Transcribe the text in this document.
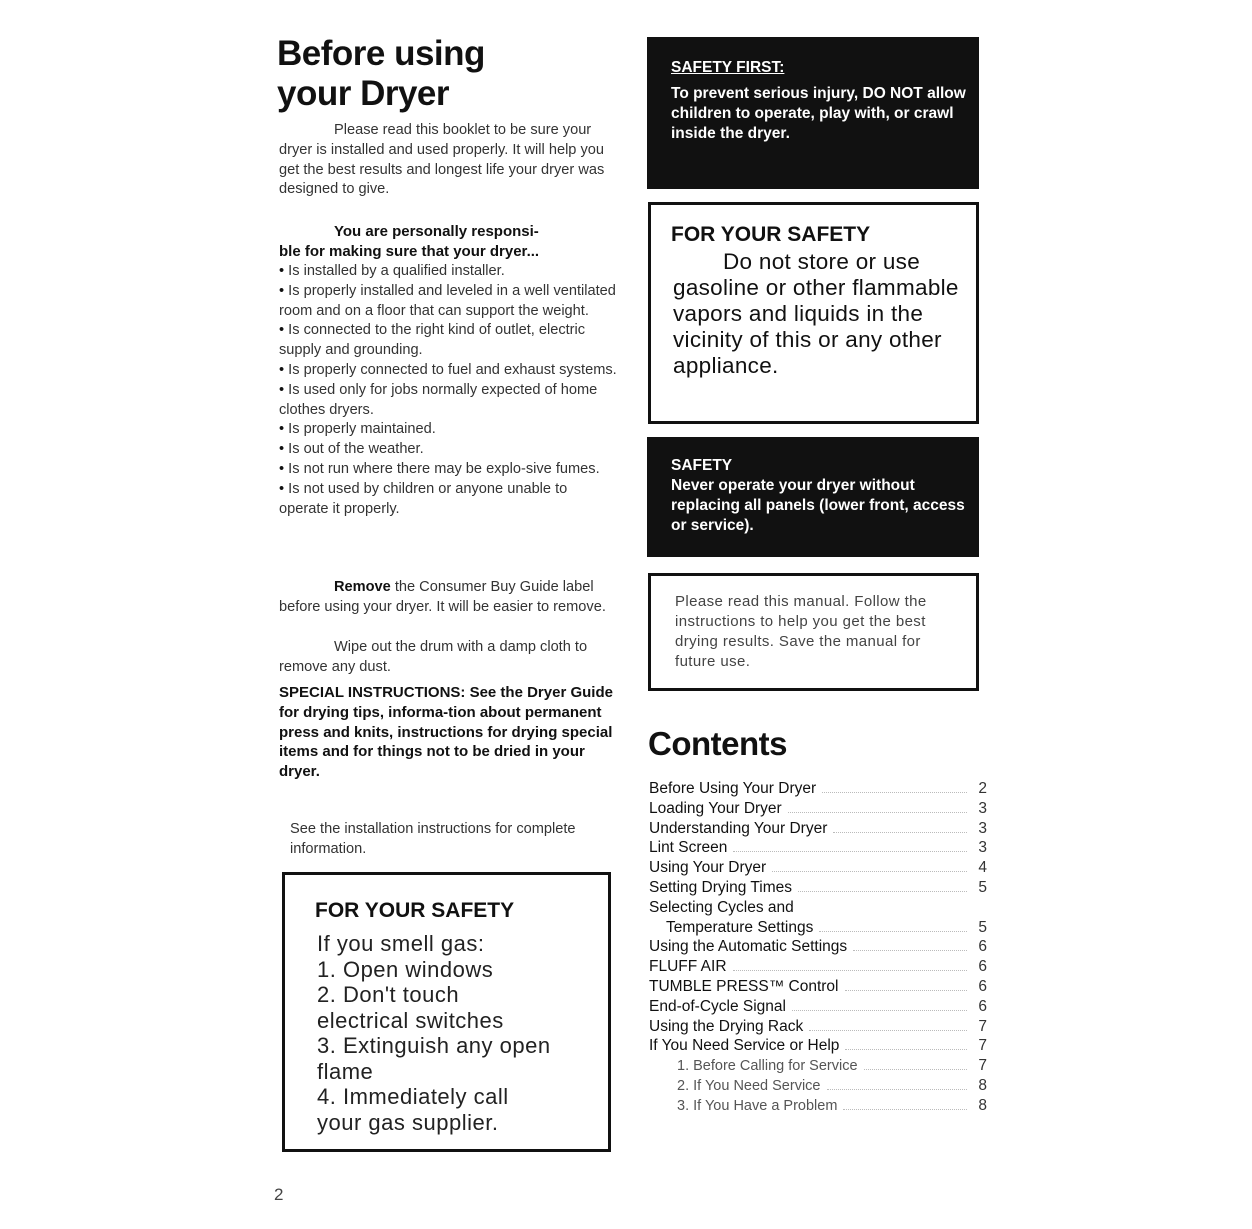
Before using
your Dryer
Please read this booklet to be sure your dryer is installed and used properly. It will help you get the best results and longest life your dryer was designed to give.
You are personally responsi-
ble for making sure that your dryer...
• Is installed by a qualified installer.
• Is properly installed and leveled in a well ventilated room and on a floor that can support the weight.
• Is connected to the right kind of outlet, electric supply and grounding.
• Is properly connected to fuel and exhaust systems.
• Is used only for jobs normally expected of home clothes dryers.
• Is properly maintained.
• Is out of the weather.
• Is not run where there may be explo-sive fumes.
• Is not used by children or anyone unable to operate it properly.
Remove the Consumer Buy Guide label before using your dryer. It will be easier to remove.
Wipe out the drum with a damp cloth to remove any dust.
SPECIAL INSTRUCTIONS: See the Dryer Guide for drying tips, informa-tion about permanent press and knits, instructions for drying special items and for things not to be dried in your dryer.
See the installation instructions for complete information.
FOR YOUR SAFETY
If you smell gas:
1. Open windows
2. Don't touch
electrical switches
3. Extinguish any open
flame
4. Immediately call
your gas supplier.
SAFETY FIRST:
To prevent serious injury, DO NOT allow children to operate, play with, or crawl inside the dryer.
FOR YOUR SAFETY
Do not store or use gasoline or other flammable vapors and liquids in the vicinity of this or any other appliance.
SAFETY
Never operate your dryer without replacing all panels (lower front, access or service).
Please read this manual. Follow the instructions to help you get the best drying results. Save the manual for future use.
Contents
Before Using Your Dryer	2
Loading Your Dryer	3
Understanding Your Dryer	3
Lint Screen	3
Using Your Dryer	4
Setting Drying Times	5
Selecting Cycles and
Temperature Settings	5
Using the Automatic Settings	6
FLUFF AIR	6
TUMBLE PRESS™ Control	6
End-of-Cycle Signal	6
Using the Drying Rack	7
If You Need Service or Help	7
1. Before Calling for Service	7
2. If You Need Service	8
3. If You Have a Problem	8
2
